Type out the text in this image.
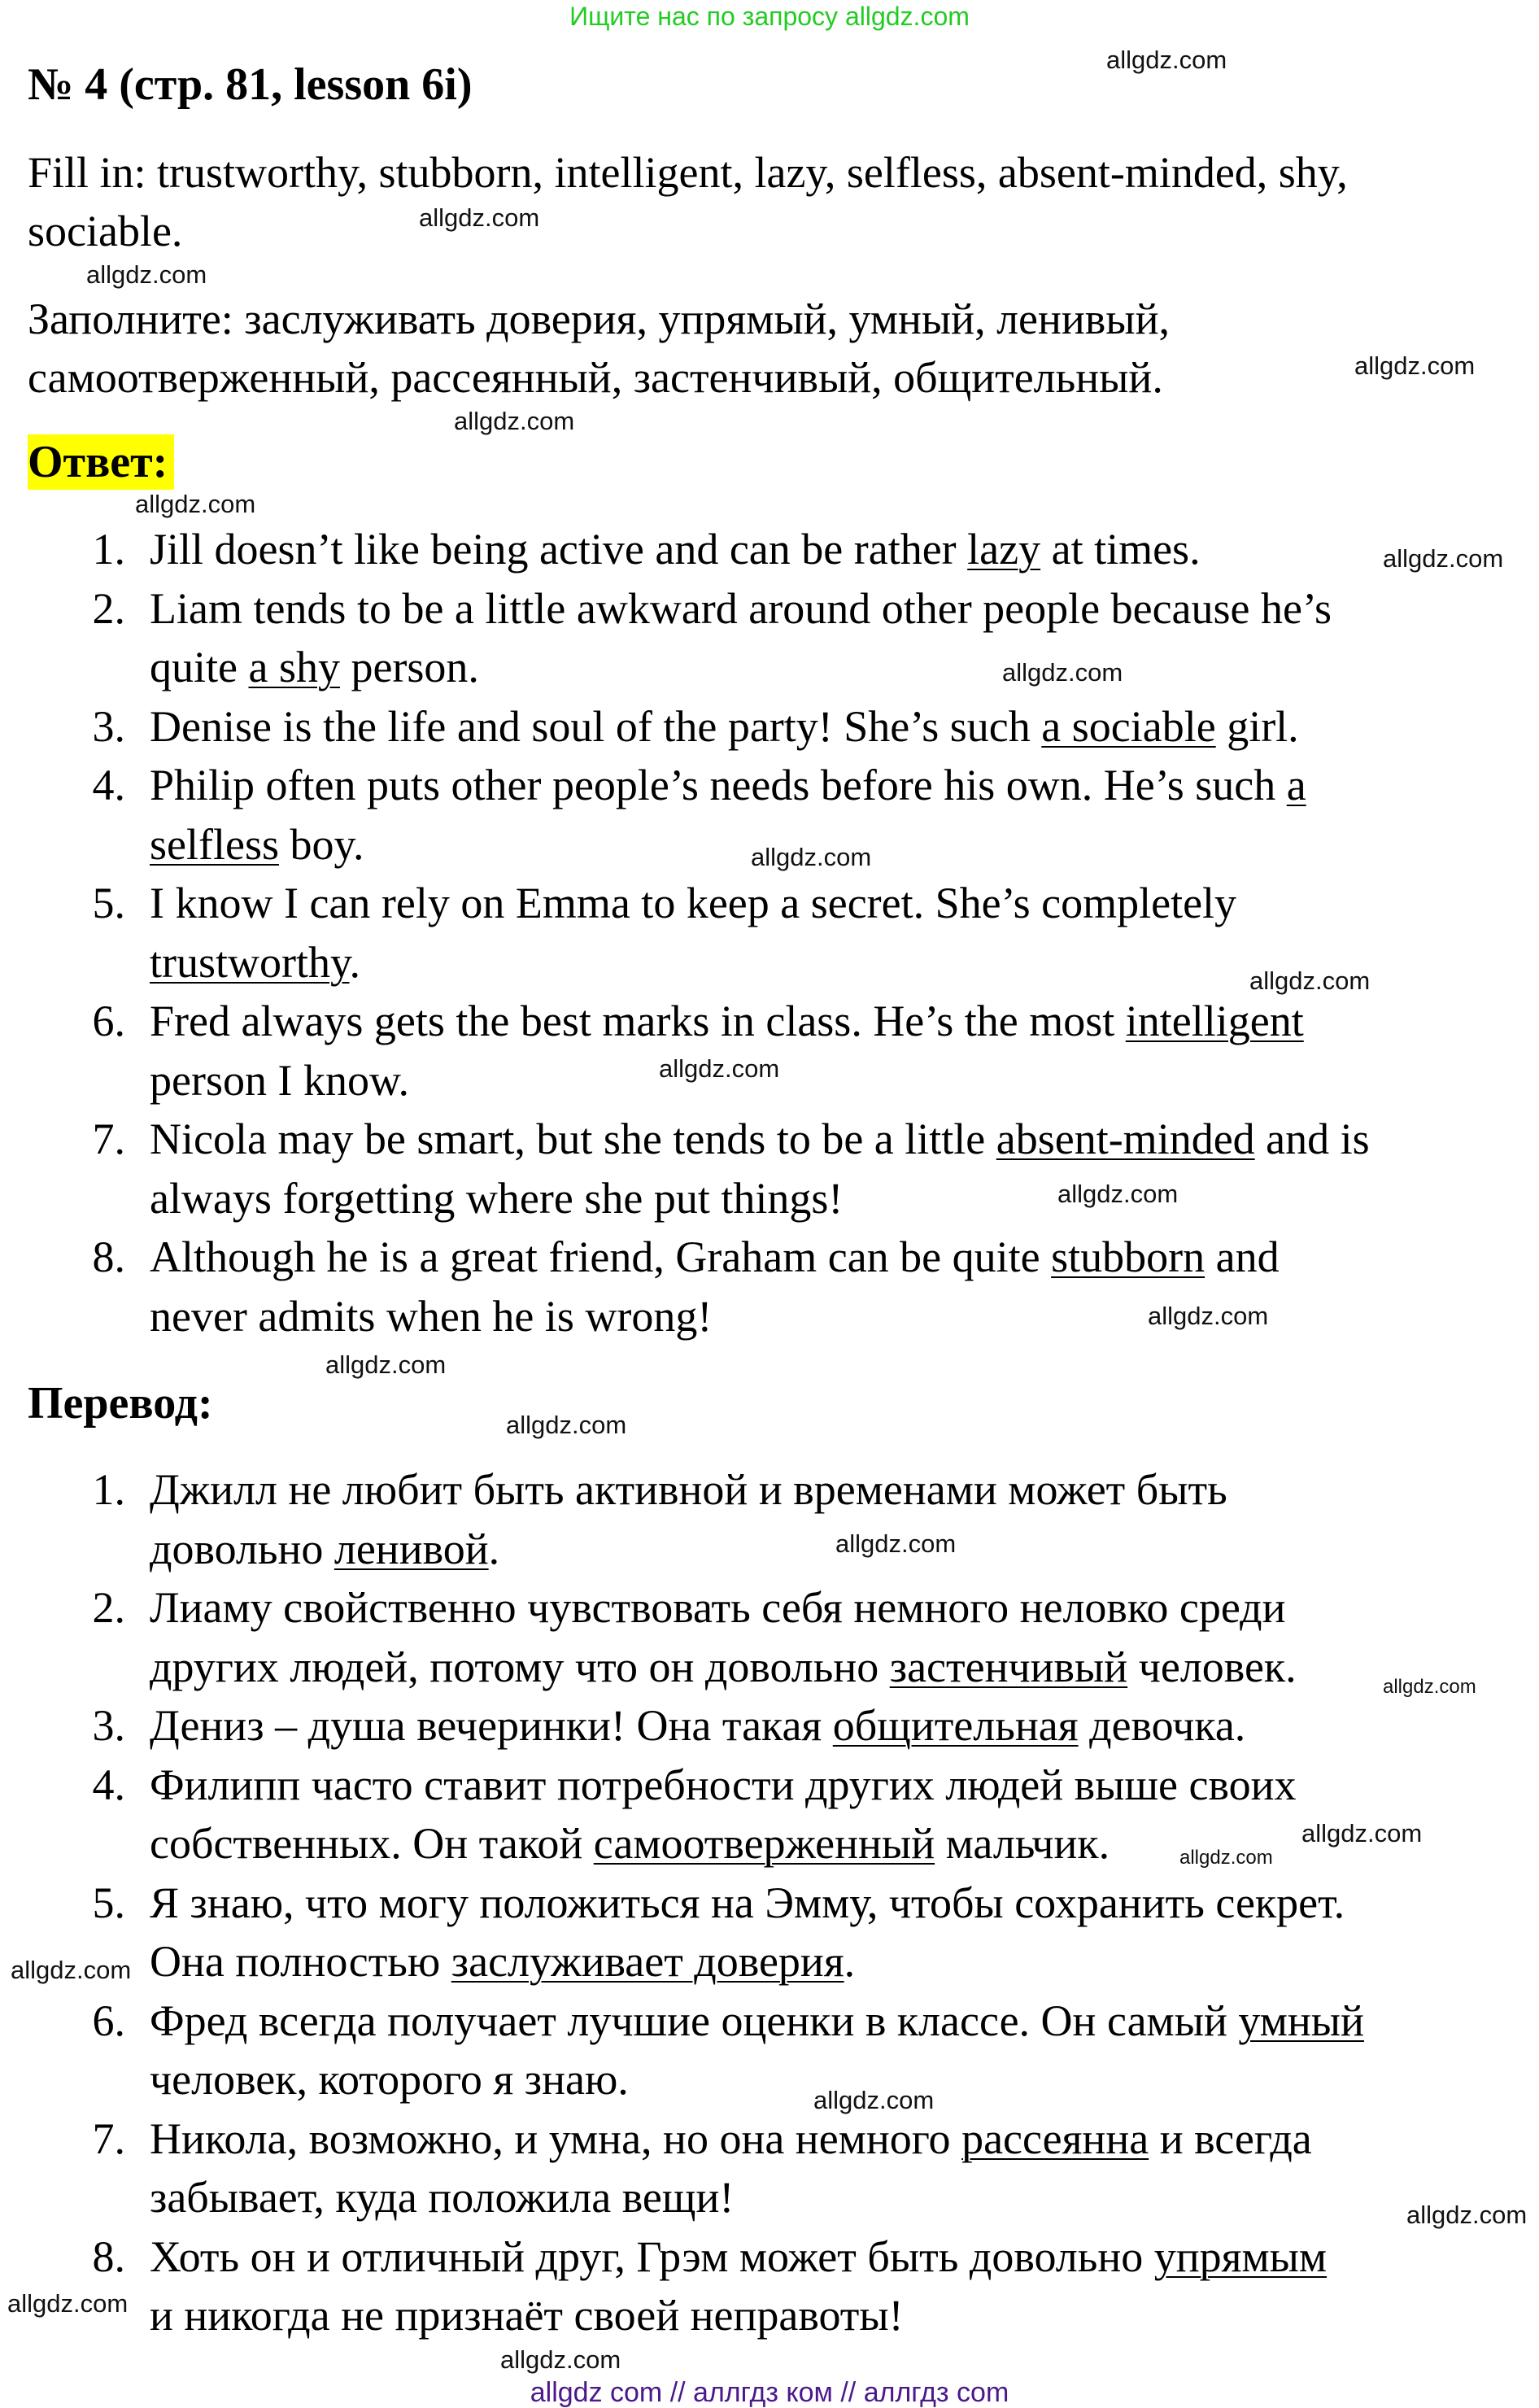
Ищите нас по запросу allgdz.com
№ 4 (стр. 81, lesson 6i)
Fill in: trustworthy, stubborn, intelligent, lazy, selfless, absent-minded, shy,
sociable.
Заполните: заслуживать доверия, упрямый, умный, ленивый,
самоотверженный, рассеянный, застенчивый, общительный.
Ответ:
1. Jill doesn’t like being active and can be rather lazy at times.
2. Liam tends to be a little awkward around other people because he’s
quite a shy person.
3. Denise is the life and soul of the party! She’s such a sociable girl.
4. Philip often puts other people’s needs before his own. He’s such a
selfless boy.
5. I know I can rely on Emma to keep a secret. She’s completely
trustworthy.
6. Fred always gets the best marks in class. He’s the most intelligent
person I know.
7. Nicola may be smart, but she tends to be a little absent-minded and is
always forgetting where she put things!
8. Although he is a great friend, Graham can be quite stubborn and
never admits when he is wrong!
Перевод:
1. Джилл не любит быть активной и временами может быть
довольно ленивой.
2. Лиаму свойственно чувствовать себя немного неловко среди
других людей, потому что он довольно застенчивый человек.
3. Дениз – душа вечеринки! Она такая общительная девочка.
4. Филипп часто ставит потребности других людей выше своих
собственных. Он такой самоотверженный мальчик.
5. Я знаю, что могу положиться на Эмму, чтобы сохранить секрет.
Она полностью заслуживает доверия.
6. Фред всегда получает лучшие оценки в классе. Он самый умный
человек, которого я знаю.
7. Никола, возможно, и умна, но она немного рассеянна и всегда
забывает, куда положила вещи!
8. Хоть он и отличный друг, Грэм может быть довольно упрямым
и никогда не признаёт своей неправоты!
allgdz com // аллгдз ком // аллгдз com
allgdz.com
allgdz.com
allgdz.com
allgdz.com
allgdz.com
allgdz.com
allgdz.com
allgdz.com
allgdz.com
allgdz.com
allgdz.com
allgdz.com
allgdz.com
allgdz.com
allgdz.com
allgdz.com
allgdz.com
allgdz.com
allgdz.com
allgdz.com
allgdz.com
allgdz.com
allgdz.com
allgdz.com
